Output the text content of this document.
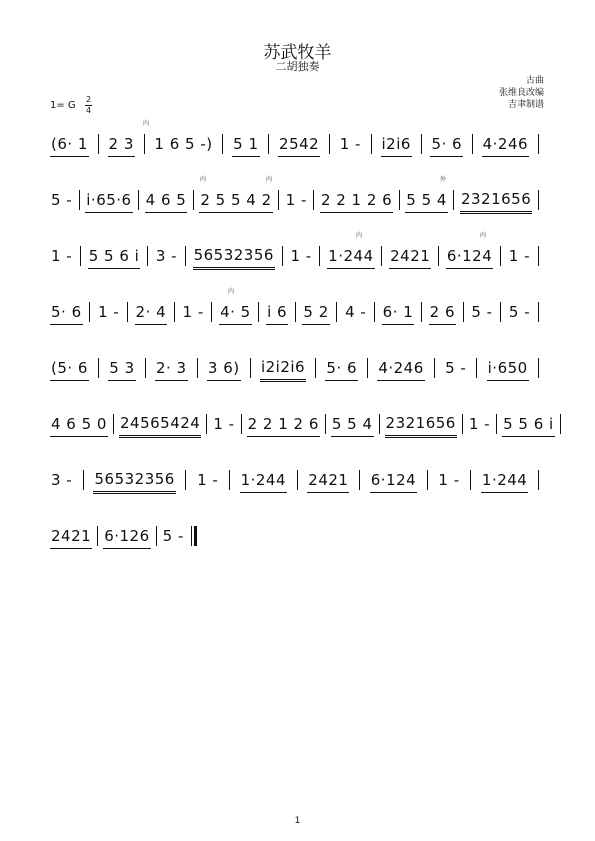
苏武牧羊
二胡独奏
古曲
张维良改编
吉聿制谱
1= G
2
4
(6· 1 2 3 1 6 5 -) 5 1 2542 1 - i2i6 5· 6 4·246
5 - i·65·6 4 6 5 2 5 5 4 2 1 - 2 2 1 2 6 5 5 4 2321656
1 - 5 5 6 i 3 - 56532356 1 - 1·244 2421 6·124 1 -
5· 6 1 - 2· 4 1 - 4· 5 i 6 5 2 4 - 6· 1 2 6 5 - 5 -
(5· 6 5 3 2· 3 3 6) i2i2i6 5· 6 4·246 5 - i·650
4 6 5 0 24565424 1 - 2 2 1 2 6 5 5 4 2321656 1 - 5 5 6 i
3 - 56532356 1 - 1·244 2421 6·124 1 - 1·244
2421 6·126 5 -
1
内
内	内	外
内	内
内
